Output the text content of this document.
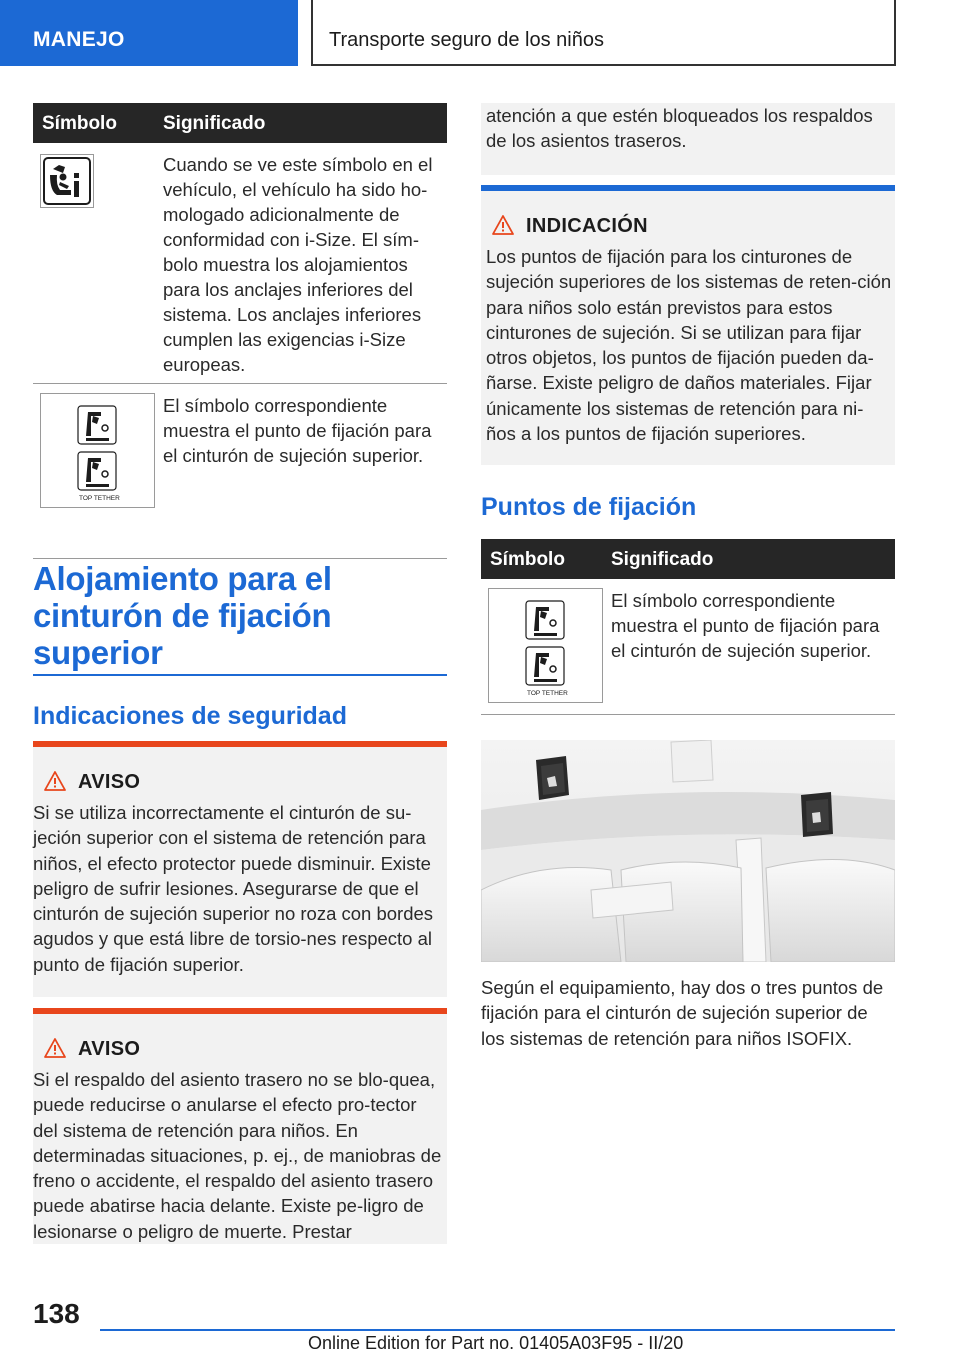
MANEJO	Transporte seguro de los niños
Símbolo Significado
Cuando se ve este símbolo en el vehículo, el vehículo ha sido ho-mologado adicionalmente de conformidad con i-Size. El sím-bolo muestra los alojamientos para los anclajes inferiores del sistema. Los anclajes inferiores cumplen las exigencias i-Size europeas.
TOP TETHER
El símbolo correspondiente muestra el punto de fijación para el cinturón de sujeción superior.
Alojamiento para el cinturón de fijación superior
Indicaciones de seguridad
AVISO
Si se utiliza incorrectamente el cinturón de su-jeción superior con el sistema de retención para niños, el efecto protector puede disminuir. Existe peligro de sufrir lesiones. Asegurarse de que el cinturón de sujeción superior no roza con bordes agudos y que está libre de torsio-nes respecto al punto de fijación superior.
AVISO
Si el respaldo del asiento trasero no se blo-quea, puede reducirse o anularse el efecto pro-tector del sistema de retención para niños. En determinadas situaciones, p. ej., de maniobras de freno o accidente, el respaldo del asiento trasero puede abatirse hacia delante. Existe pe-ligro de lesionarse o peligro de muerte. Prestar
atención a que estén bloqueados los respaldos de los asientos traseros.
INDICACIÓN
Los puntos de fijación para los cinturones de sujeción superiores de los sistemas de reten-ción para niños solo están previstos para estos cinturones de sujeción. Si se utilizan para fijar otros objetos, los puntos de fijación pueden da-ñarse. Existe peligro de daños materiales. Fijar únicamente los sistemas de retención para ni-ños a los puntos de fijación superiores.
Puntos de fijación
Símbolo Significado
TOP TETHER
El símbolo correspondiente muestra el punto de fijación para el cinturón de sujeción superior.
Según el equipamiento, hay dos o tres puntos de fijación para el cinturón de sujeción superior de los sistemas de retención para niños ISOFIX.
138
Online Edition for Part no. 01405A03F95 - II/20
